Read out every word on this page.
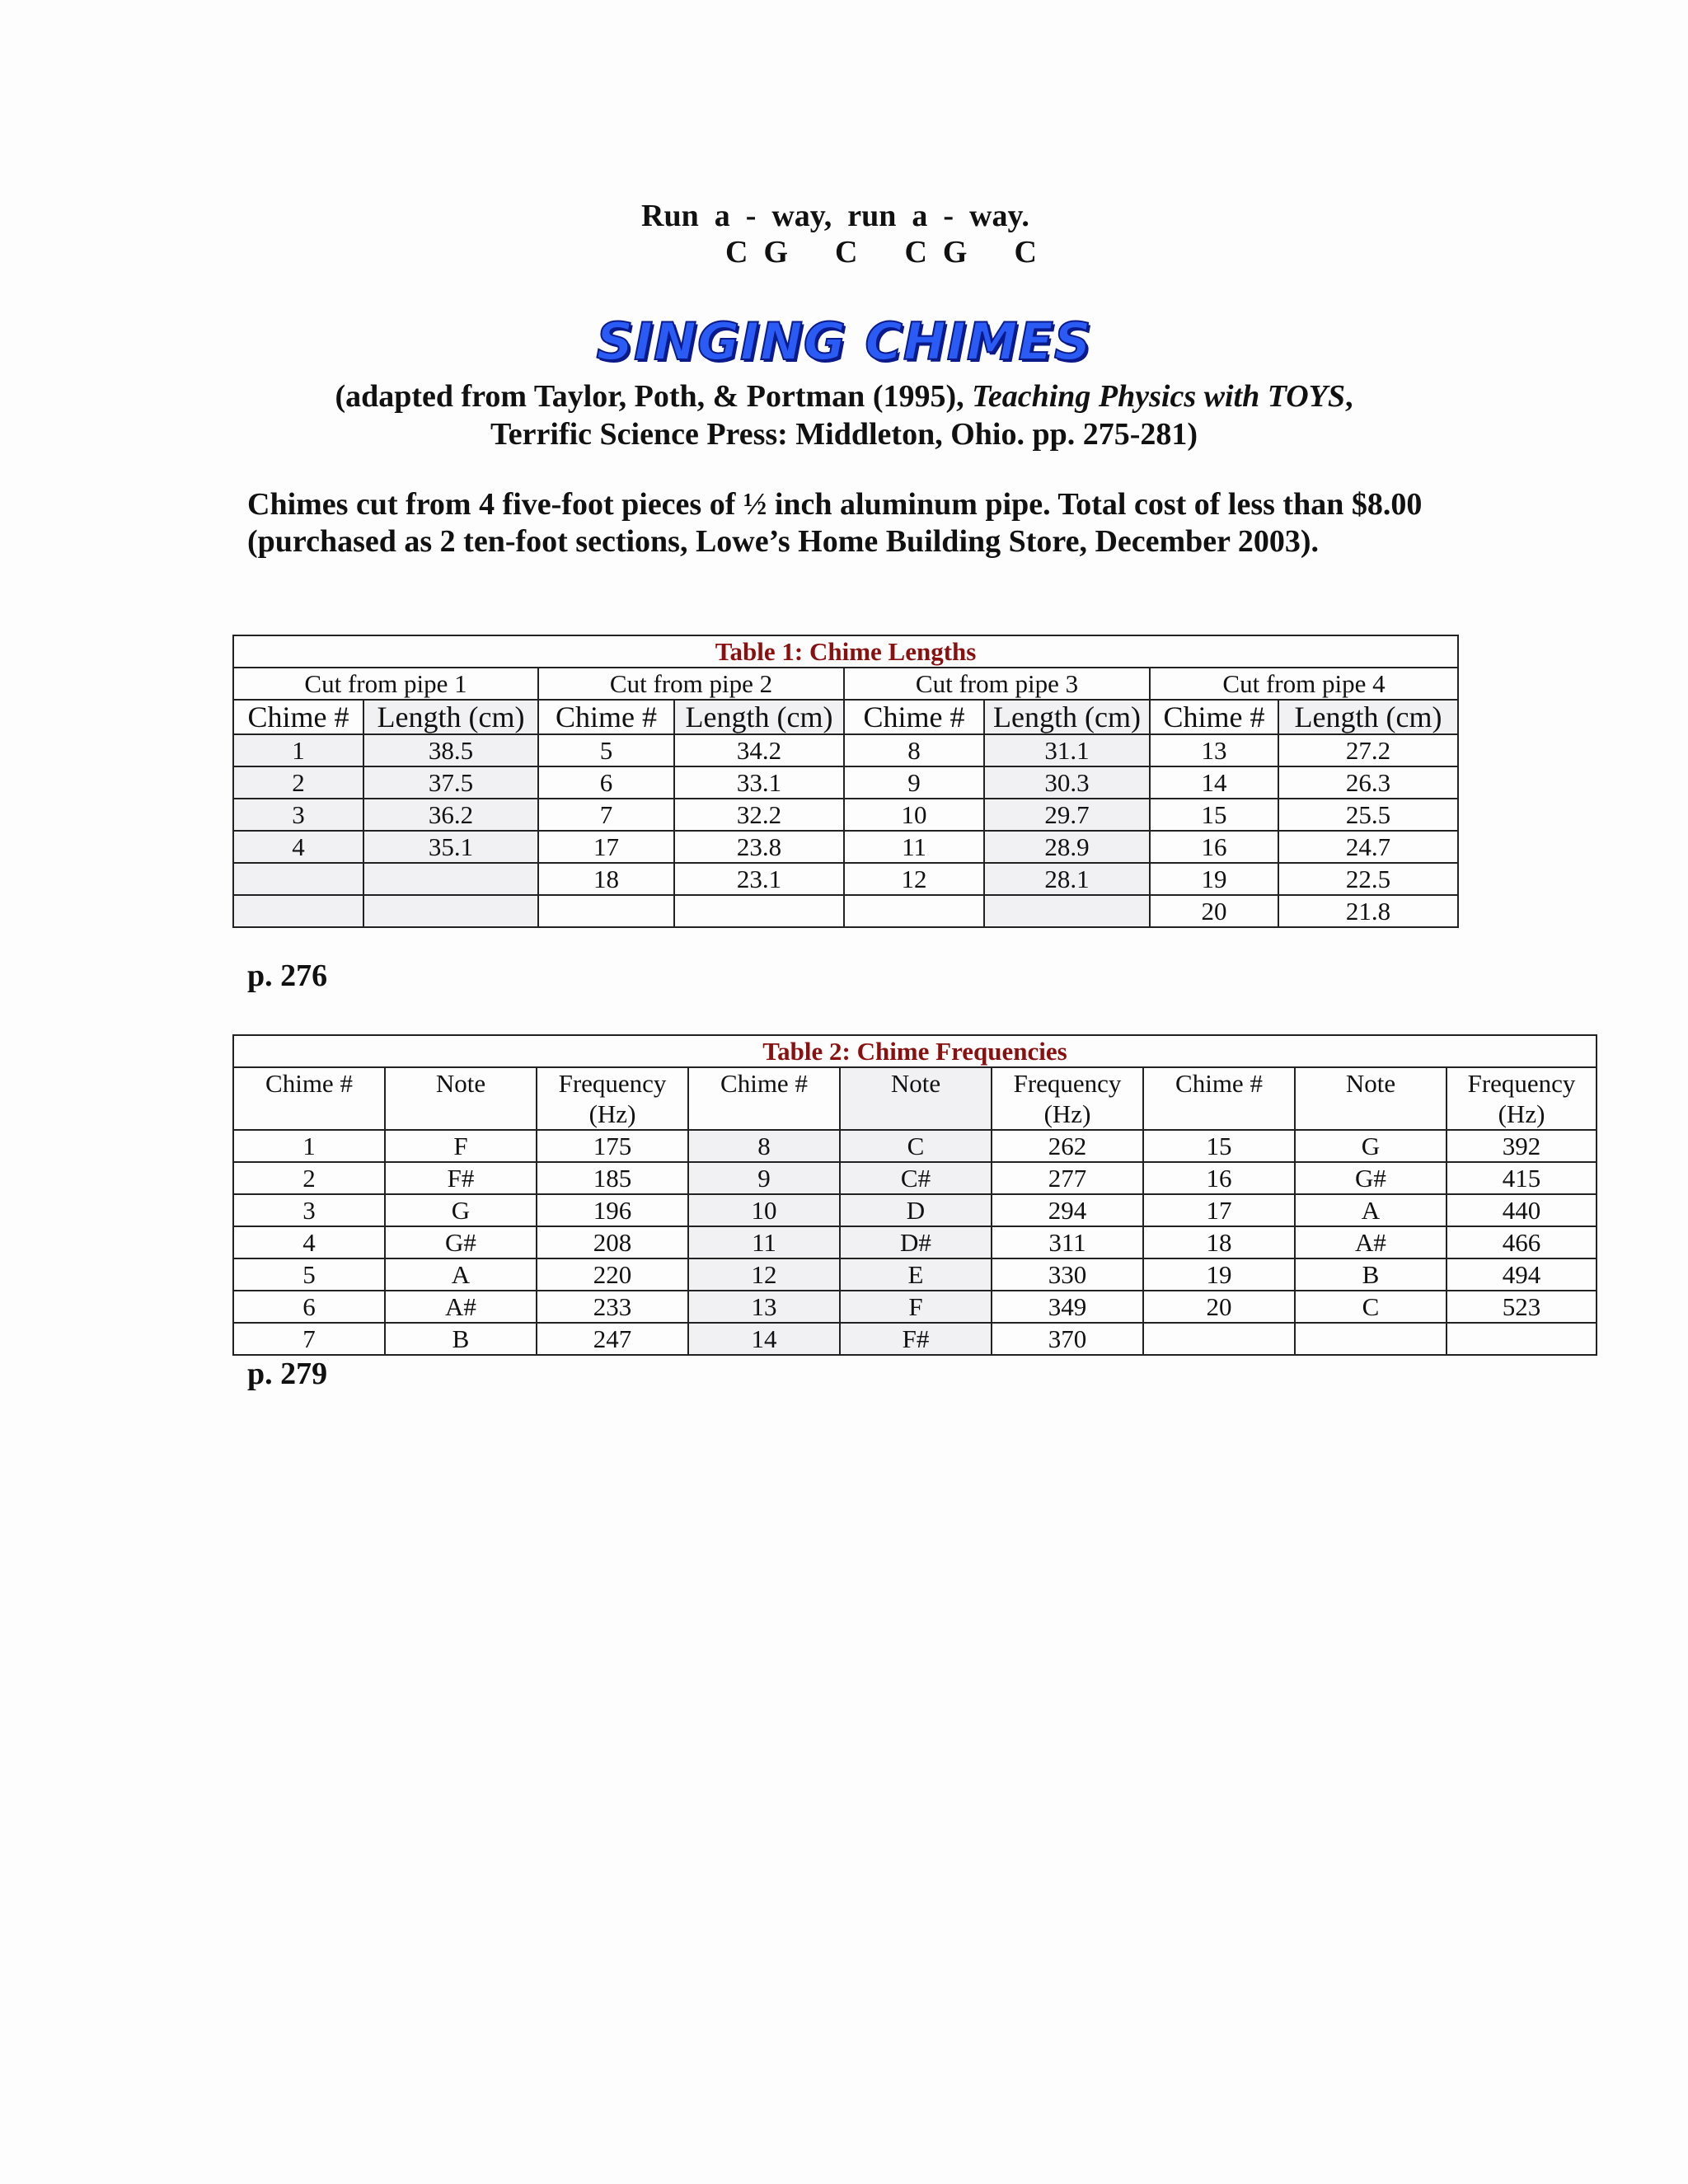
Run  a  -  way,  run  a  -  way.
C  G      C      C  G      C
SINGING CHIMES
(adapted from Taylor, Poth, & Portman (1995), Teaching Physics with TOYS,
Terrific Science Press: Middleton, Ohio. pp. 275-281)
Chimes cut from 4 five-foot pieces of ½ inch aluminum pipe. Total cost of less than $8.00 (purchased as 2 ten-foot sections, Lowe’s Home Building Store, December 2003).
Table 1: Chime Lengths							
Cut from pipe 1		Cut from pipe 2		Cut from pipe 3		Cut from pipe 4	
Chime #	Length (cm)	Chime #	Length (cm)	Chime #	Length (cm)	Chime #	Length (cm)
1	38.5	5	34.2	8	31.1	13	27.2
2	37.5	6	33.1	9	30.3	14	26.3
3	36.2	7	32.2	10	29.7	15	25.5
4	35.1	17	23.8	11	28.9	16	24.7
		18	23.1	12	28.1	19	22.5
						20	21.8
p. 276
Table 2: Chime Frequencies								
Chime #	Note	Frequency (Hz)	Chime #	Note	Frequency (Hz)	Chime #	Note	Frequency (Hz)
1	F	175	8	C	262	15	G	392
2	F#	185	9	C#	277	16	G#	415
3	G	196	10	D	294	17	A	440
4	G#	208	11	D#	311	18	A#	466
5	A	220	12	E	330	19	B	494
6	A#	233	13	F	349	20	C	523
7	B	247	14	F#	370			
p. 279
